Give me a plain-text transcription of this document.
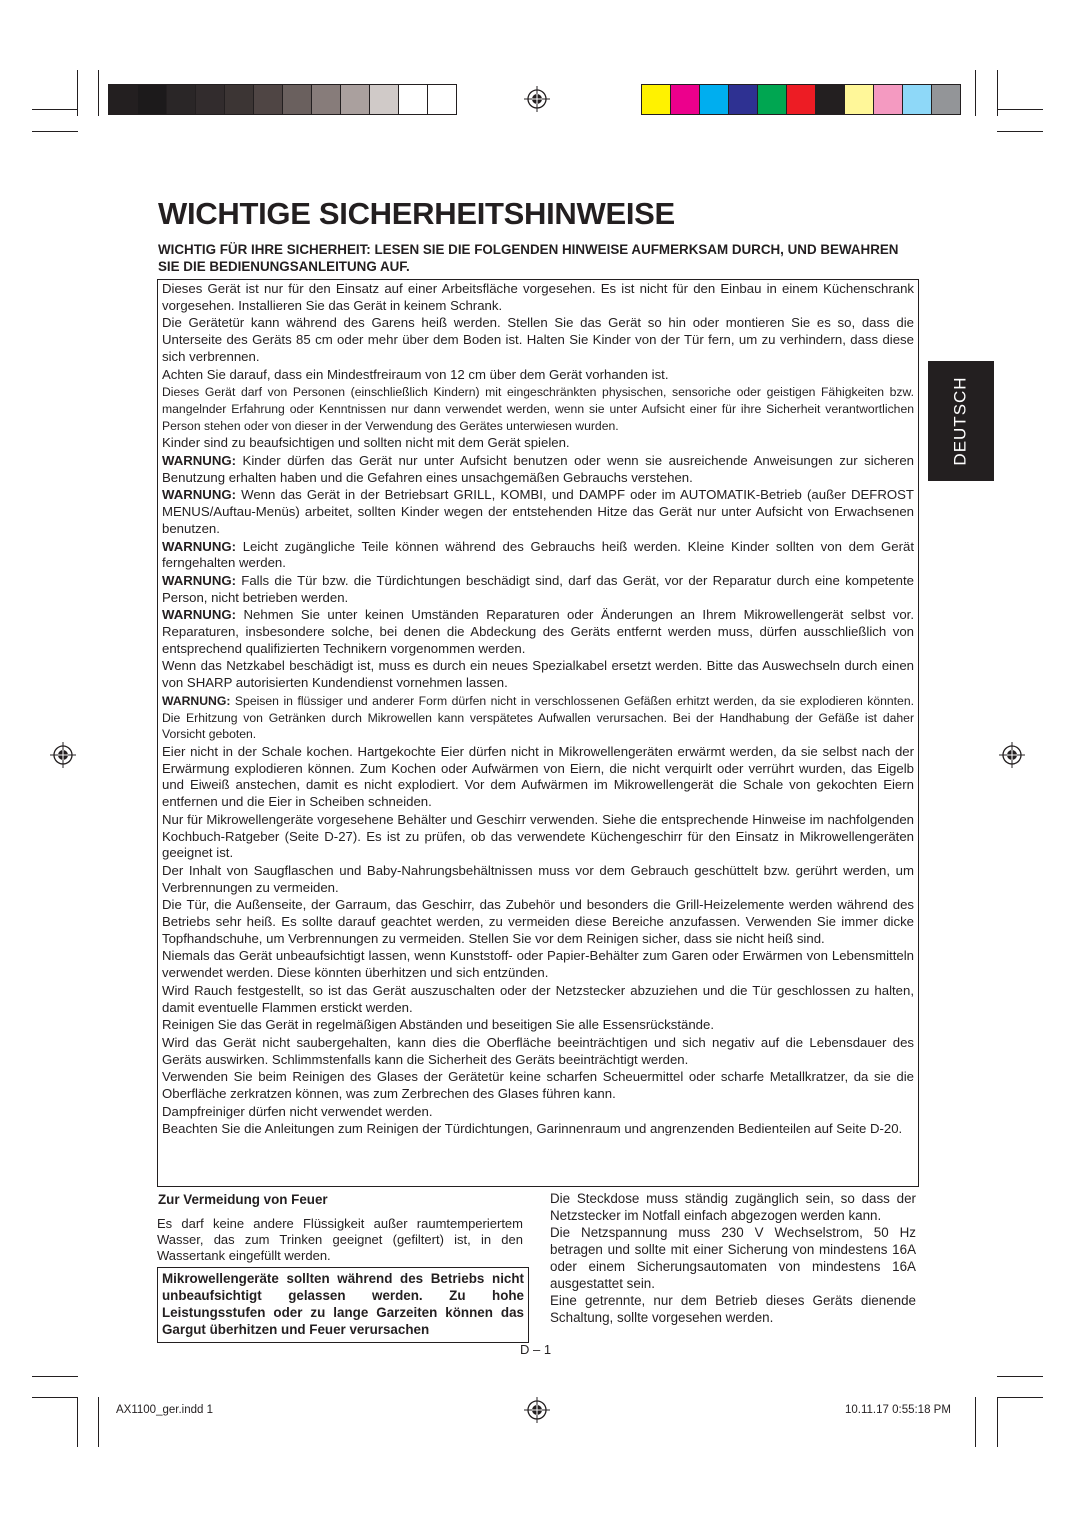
WICHTIGE SICHERHEITSHINWEISE
WICHTIG FÜR IHRE SICHERHEIT: LESEN SIE DIE FOLGENDEN HINWEISE AUFMERKSAM DURCH, UND BEWAHREN SIE DIE BEDIENUNGSANLEITUNG AUF.

Dieses Gerät ist nur für den Einsatz auf einer Arbeitsfläche vorgesehen. Es ist nicht für den Einbau in einem Küchenschrank vorgesehen. Installieren Sie das Gerät in keinem Schrank.

Die Gerätetür kann während des Garens heiß werden. Stellen Sie das Gerät so hin oder montieren Sie es so, dass die Unterseite des Geräts 85 cm oder mehr über dem Boden ist. Halten Sie Kinder von der Tür fern, um zu verhindern, dass diese sich verbrennen.

Achten Sie darauf, dass ein Mindestfreiraum von 12 cm über dem Gerät vorhanden ist.

Dieses Gerät darf von Personen (einschließlich Kindern) mit eingeschränkten physischen, sensoriche oder geistigen Fähigkeiten bzw. mangelnder Erfahrung oder Kenntnissen nur dann verwendet werden, wenn sie unter Aufsicht einer für ihre Sicherheit verantwortlichen Person stehen oder von dieser in der Verwendung des Gerätes unterwiesen wurden.

Kinder sind zu beaufsichtigen und sollten nicht mit dem Gerät spielen.

WARNUNG: Kinder dürfen das Gerät nur unter Aufsicht benutzen oder wenn sie ausreichende Anweisungen zur sicheren Benutzung erhalten haben und die Gefahren eines unsachgemäßen Gebrauchs verstehen.

WARNUNG: Wenn das Gerät in der Betriebsart GRILL, KOMBI, und DAMPF oder im AUTOMATIK-Betrieb (außer DEFROST MENUS/Auftau-Menüs) arbeitet, sollten Kinder wegen der entstehenden Hitze das Gerät nur unter Aufsicht von Erwachsenen benutzen.

WARNUNG: Leicht zugängliche Teile können während des Gebrauchs heiß werden. Kleine Kinder sollten von dem Gerät ferngehalten werden.

WARNUNG: Falls die Tür bzw. die Türdichtungen beschädigt sind, darf das Gerät, vor der Reparatur durch eine kompetente Person, nicht betrieben werden.

WARNUNG: Nehmen Sie unter keinen Umständen Reparaturen oder Änderungen an Ihrem Mikrowellengerät selbst vor. Reparaturen, insbesondere solche, bei denen die Abdeckung des Geräts entfernt werden muss, dürfen ausschließlich von entsprechend qualifizierten Technikern vorgenommen werden.

Wenn das Netzkabel beschädigt ist, muss es durch ein neues Spezialkabel ersetzt werden. Bitte das Auswechseln durch einen von SHARP autorisierten Kundendienst vornehmen lassen.

WARNUNG: Speisen in flüssiger und anderer Form dürfen nicht in verschlossenen Gefäßen erhitzt werden, da sie explodieren könnten. Die Erhitzung von Getränken durch Mikrowellen kann verspätetes Aufwallen verursachen. Bei der Handhabung der Gefäße ist daher Vorsicht geboten.

Eier nicht in der Schale kochen. Hartgekochte Eier dürfen nicht in Mikrowellengeräten erwärmt werden, da sie selbst nach der Erwärmung explodieren können. Zum Kochen oder Aufwärmen von Eiern, die nicht verquirlt oder verrührt wurden, das Eigelb und Eiweiß anstechen, damit es nicht explodiert. Vor dem Aufwärmen im Mikrowellengerät die Schale von gekochten Eiern entfernen und die Eier in Scheiben schneiden.

Nur für Mikrowellengeräte vorgesehene Behälter und Geschirr verwenden. Siehe die entsprechende Hinweise im nachfolgenden Kochbuch-Ratgeber (Seite D-27). Es ist zu prüfen, ob das verwendete Küchengeschirr für den Einsatz in Mikrowellengeräten geeignet ist.

Der Inhalt von Saugflaschen und Baby-Nahrungsbehältnissen muss vor dem Gebrauch geschüttelt bzw. gerührt werden, um Verbrennungen zu vermeiden.

Die Tür, die Außenseite, der Garraum, das Geschirr, das Zubehör und besonders die Grill-Heizelemente werden während des Betriebs sehr heiß. Es sollte darauf geachtet werden, zu vermeiden diese Bereiche anzufassen. Verwenden Sie immer dicke Topfhandschuhe, um Verbrennungen zu vermeiden. Stellen Sie vor dem Reinigen sicher, dass sie nicht heiß sind.

Niemals das Gerät unbeaufsichtigt lassen, wenn Kunststoff- oder Papier-Behälter zum Garen oder Erwärmen von Lebensmitteln verwendet werden. Diese könnten überhitzen und sich entzünden.

Wird Rauch festgestellt, so ist das Gerät auszuschalten oder der Netzstecker abzuziehen und die Tür geschlossen zu halten, damit eventuelle Flammen erstickt werden.

Reinigen Sie das Gerät in regelmäßigen Abständen und beseitigen Sie alle Essensrückstände.

Wird das Gerät nicht saubergehalten, kann dies die Oberfläche beeinträchtigen und sich negativ auf die Lebensdauer des Geräts auswirken. Schlimmstenfalls kann die Sicherheit des Geräts beeinträchtigt werden.

Verwenden Sie beim Reinigen des Glases der Gerätetür keine scharfen Scheuermittel oder scharfe Metallkratzer, da sie die Oberfläche zerkratzen können, was zum Zerbrechen des Glases führen kann.

Dampfreiniger dürfen nicht verwendet werden.

Beachten Sie die Anleitungen zum Reinigen der Türdichtungen, Garinnenraum und angrenzenden Bedienteilen auf Seite D-20.

DEUTSCH
Zur Vermeidung von Feuer
Es darf keine andere Flüssigkeit außer raumtemperiertem Wasser, das zum Trinken geeignet (gefiltert) ist, in den Wassertank eingefüllt werden.
Mikrowellengeräte sollten während des Betriebs nicht unbeaufsichtigt gelassen werden. Zu hohe Leistungsstufen oder zu lange Garzeiten können das Gargut überhitzen und Feuer verursachen

Die Steckdose muss ständig zugänglich sein, so dass der Netzstecker im Notfall einfach abgezogen werden kann.

Die Netzspannung muss 230 V Wechselstrom, 50 Hz betragen und sollte mit einer Sicherung von mindestens 16A oder einem Sicherungsautomaten von mindestens 16A ausgestattet sein.

Eine getrennte, nur dem Betrieb dieses Geräts dienende Schaltung, sollte vorgesehen werden.

D – 1
AX1100_ger.indd 1	10.11.17 0:55:18 PM
